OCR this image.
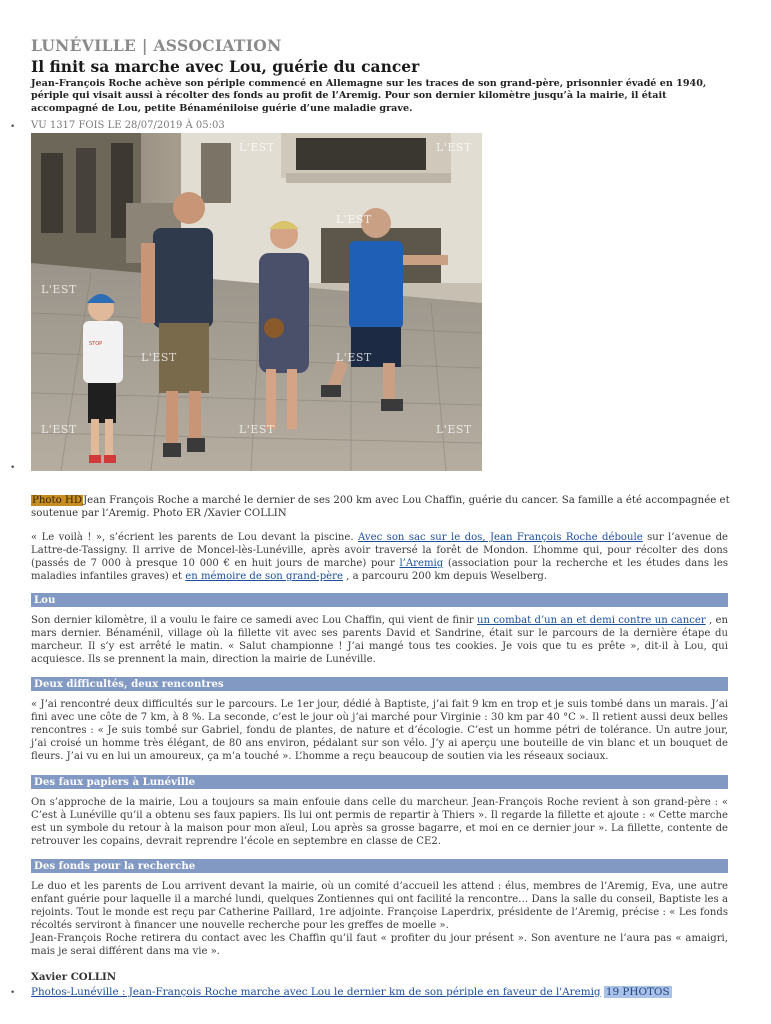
LUNÉVILLE | ASSOCIATION
Il finit sa marche avec Lou, guérie du cancer
Jean-François Roche achève son périple commencé en Allemagne sur les traces de son grand-père, prisonnier évadé en 1940, périple qui visait aussi à récolter des fonds au profit de l’Aremig. Pour son dernier kilomètre jusqu’à la mairie, il était accompagné de Lou, petite Bénaméniloise guérie d’une maladie grave.
• VU 1317 FOIS LE 28/07/2019 À 05:03
•
STOP
L'EST	L'EST
L'EST
L'EST
L'EST	L'EST
L'EST	L'EST	L'EST
Photo HDJean François Roche a marché le dernier de ses 200 km avec Lou Chaffin, guérie du cancer. Sa famille a été accompagnée et soutenue par l’Aremig. Photo ER /Xavier COLLIN
« Le voilà ! », s’écrient les parents de Lou devant la piscine. Avec son sac sur le dos, Jean François Roche déboule sur l’avenue de Lattre-de-Tassigny. Il arrive de Moncel-lès-Lunéville, après avoir traversé la forêt de Mondon. L’homme qui, pour récolter des dons (passés de 7 000 à presque 10 000 € en huit jours de marche) pour l’Aremig (association pour la recherche et les études dans les maladies infantiles graves) et en mémoire de son grand-père , a parcouru 200 km depuis Weselberg.
Lou
Son dernier kilomètre, il a voulu le faire ce samedi avec Lou Chaffin, qui vient de finir un combat d’un an et demi contre un cancer , en mars dernier. Bénaménil, village où la fillette vit avec ses parents David et Sandrine, était sur le parcours de la dernière étape du marcheur. Il s’y est arrêté le matin. « Salut championne ! J’ai mangé tous tes cookies. Je vois que tu es prête », dit-il à Lou, qui acquiesce. Ils se prennent la main, direction la mairie de Lunéville.
Deux difficultés, deux rencontres
« J’ai rencontré deux difficultés sur le parcours. Le 1er jour, dédié à Baptiste, j’ai fait 9 km en trop et je suis tombé dans un marais. J’ai fini avec une côte de 7 km, à 8 %. La seconde, c’est le jour où j’ai marché pour Virginie : 30 km par 40 °C ». Il retient aussi deux belles rencontres : « Je suis tombé sur Gabriel, fondu de plantes, de nature et d’écologie. C’est un homme pétri de tolérance. Un autre jour, j’ai croisé un homme très élégant, de 80 ans environ, pédalant sur son vélo. J’y ai aperçu une bouteille de vin blanc et un bouquet de fleurs. J’ai vu en lui un amoureux, ça m’a touché ». L’homme a reçu beaucoup de soutien via les réseaux sociaux.
Des faux papiers à Lunéville
On s’approche de la mairie, Lou a toujours sa main enfouie dans celle du marcheur. Jean-François Roche revient à son grand-père : « C’est à Lunéville qu’il a obtenu ses faux papiers. Ils lui ont permis de repartir à Thiers ». Il regarde la fillette et ajoute : « Cette marche est un symbole du retour à la maison pour mon aïeul, Lou après sa grosse bagarre, et moi en ce dernier jour ». La fillette, contente de retrouver les copains, devrait reprendre l’école en septembre en classe de CE2.
Des fonds pour la recherche
Le duo et les parents de Lou arrivent devant la mairie, où un comité d’accueil les attend : élus, membres de l’Aremig, Eva, une autre enfant guérie pour laquelle il a marché lundi, quelques Zontiennes qui ont facilité la rencontre… Dans la salle du conseil, Baptiste les a rejoints. Tout le monde est reçu par Catherine Paillard, 1re adjointe. Françoise Laperdrix, présidente de l’Aremig, précise : « Les fonds récoltés serviront à financer une nouvelle recherche pour les greffes de moelle ».
Jean-François Roche retirera du contact avec les Chaffin qu’il faut « profiter du jour présent ». Son aventure ne l’aura pas « amaigri, mais je serai différent dans ma vie ».
Xavier COLLIN
• Photos-Lunéville : Jean-François Roche marche avec Lou le dernier km de son périple en faveur de l'Aremig 19 PHOTOS
